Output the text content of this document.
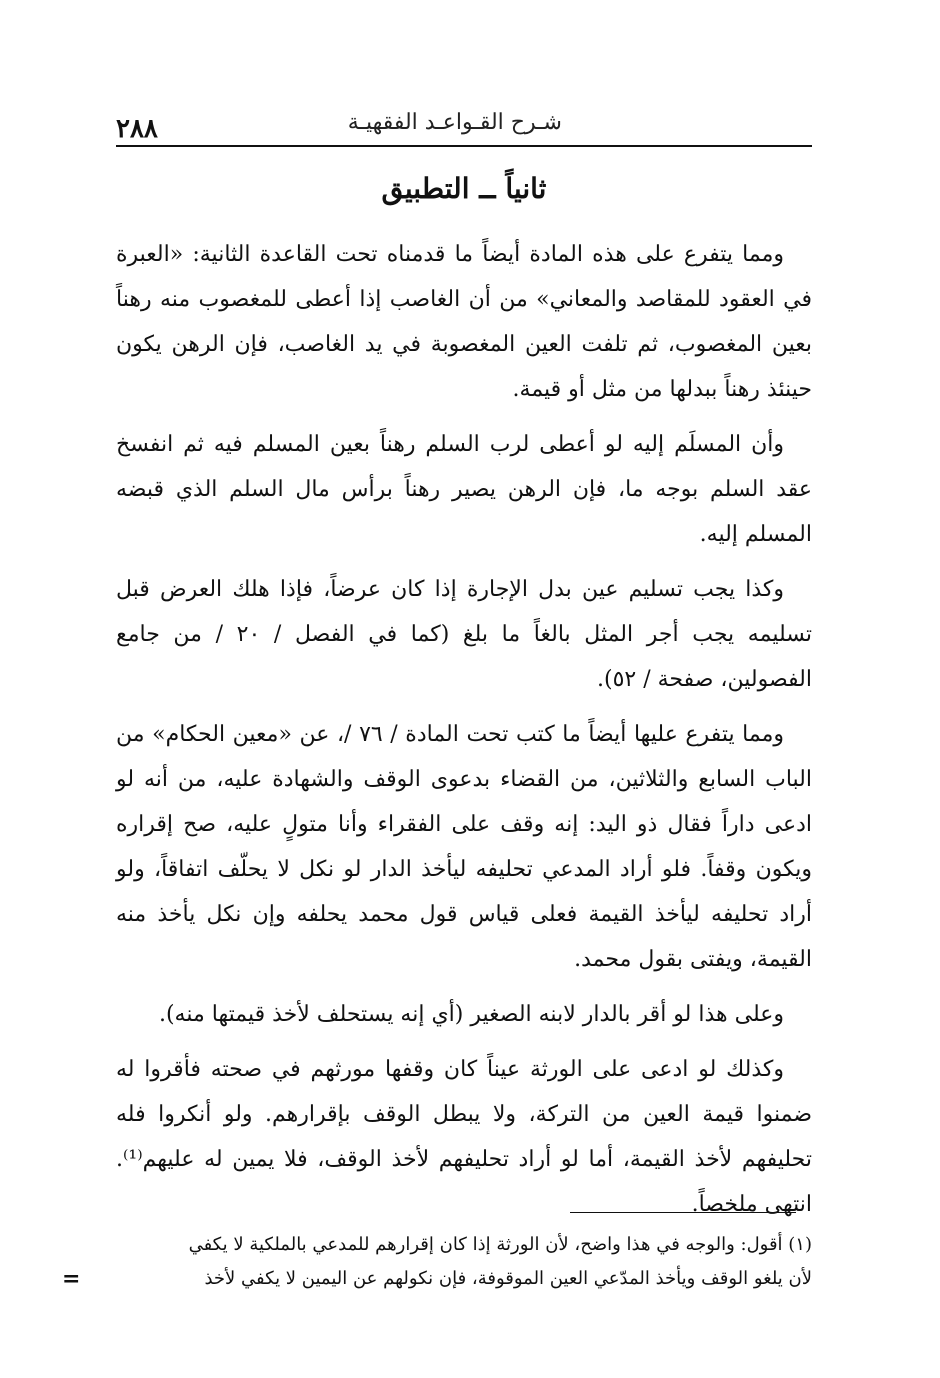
شـرح القـواعـد الفقهيـة
٢٨٨
ثانياً ــ التطبيق

ومما يتفرع على هذه المادة أيضاً ما قدمناه تحت القاعدة الثانية: «العبرة في العقود للمقاصد والمعاني» من أن الغاصب إذا أعطى للمغصوب منه رهناً بعين المغصوب، ثم تلفت العين المغصوبة في يد الغاصب، فإن الرهن يكون حينئذ رهناً ببدلها من مثل أو قيمة.

وأن المسلَم إليه لو أعطى لرب السلم رهناً بعين المسلم فيه ثم انفسخ عقد السلم بوجه ما، فإن الرهن يصير رهناً برأس مال السلم الذي قبضه المسلم إليه.

وكذا يجب تسليم عين بدل الإجارة إذا كان عرضاً، فإذا هلك العرض قبل تسليمه يجب أجر المثل بالغاً ما بلغ (كما في الفصل / ٢٠ / من جامع الفصولين، صفحة / ٥٢).

ومما يتفرع عليها أيضاً ما كتب تحت المادة / ٧٦ /، عن «معين الحكام» من الباب السابع والثلاثين، من القضاء بدعوى الوقف والشهادة عليه، من أنه لو ادعى داراً فقال ذو اليد: إنه وقف على الفقراء وأنا متولٍ عليه، صح إقراره ويكون وقفاً. فلو أراد المدعي تحليفه ليأخذ الدار لو نكل لا يحلّف اتفاقاً، ولو أراد تحليفه ليأخذ القيمة فعلى قياس قول محمد يحلفه وإن نكل يأخذ منه القيمة، ويفتى بقول محمد.

وعلى هذا لو أقر بالدار لابنه الصغير (أي إنه يستحلف لأخذ قيمتها منه).

وكذلك لو ادعى على الورثة عيناً كان وقفها مورثهم في صحته فأقروا له ضمنوا قيمة العين من التركة، ولا يبطل الوقف بإقرارهم. ولو أنكروا فله تحليفهم لأخذ القيمة، أما لو أراد تحليفهم لأخذ الوقف، فلا يمين له عليهم⁽¹⁾. انتهى ملخصاً.

(١) أقول: والوجه في هذا واضح، لأن الورثة إذا كان إقرارهم للمدعي بالملكية لا يكفي

لأن يلغو الوقف ويأخذ المدّعي العين الموقوفة، فإن نكولهم عن اليمين لا يكفي لأخذ

=
